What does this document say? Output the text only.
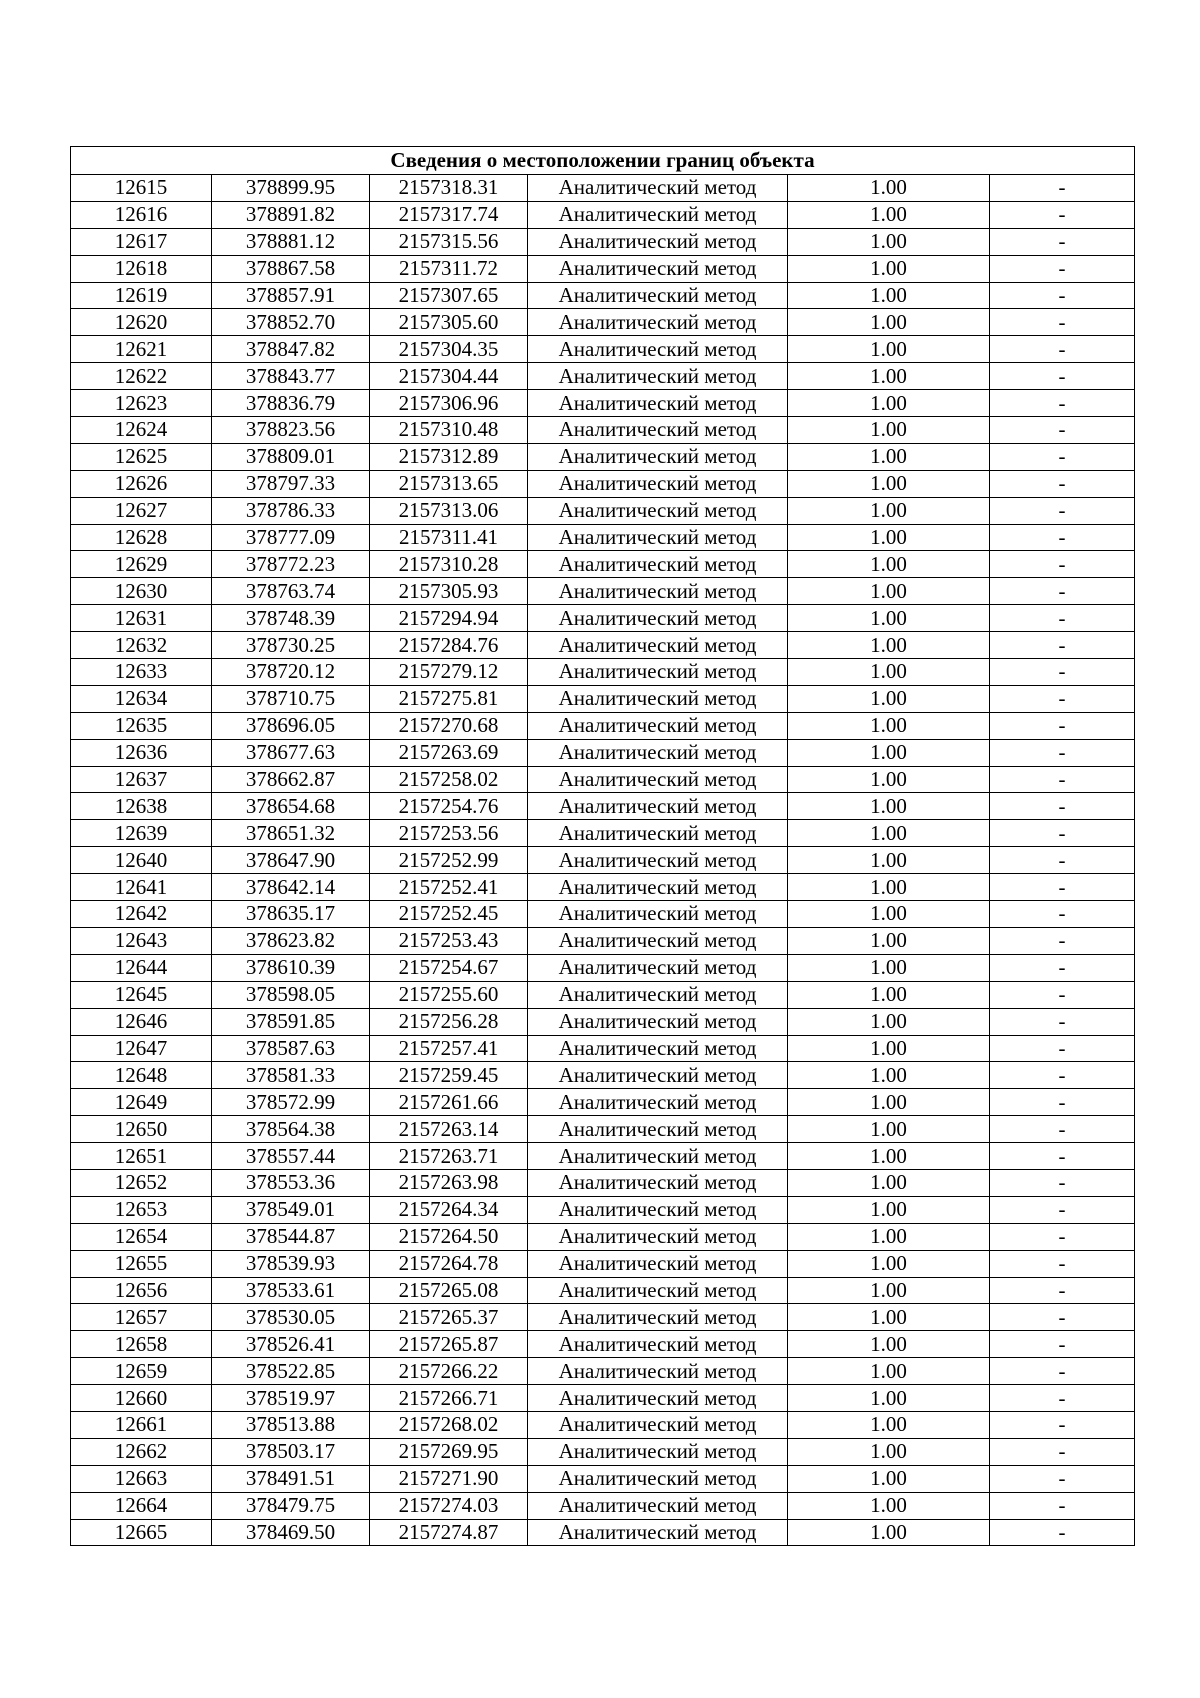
Сведения о местоположении границ объекта					
12615	378899.95	2157318.31	Аналитический метод	1.00	-
12616	378891.82	2157317.74	Аналитический метод	1.00	-
12617	378881.12	2157315.56	Аналитический метод	1.00	-
12618	378867.58	2157311.72	Аналитический метод	1.00	-
12619	378857.91	2157307.65	Аналитический метод	1.00	-
12620	378852.70	2157305.60	Аналитический метод	1.00	-
12621	378847.82	2157304.35	Аналитический метод	1.00	-
12622	378843.77	2157304.44	Аналитический метод	1.00	-
12623	378836.79	2157306.96	Аналитический метод	1.00	-
12624	378823.56	2157310.48	Аналитический метод	1.00	-
12625	378809.01	2157312.89	Аналитический метод	1.00	-
12626	378797.33	2157313.65	Аналитический метод	1.00	-
12627	378786.33	2157313.06	Аналитический метод	1.00	-
12628	378777.09	2157311.41	Аналитический метод	1.00	-
12629	378772.23	2157310.28	Аналитический метод	1.00	-
12630	378763.74	2157305.93	Аналитический метод	1.00	-
12631	378748.39	2157294.94	Аналитический метод	1.00	-
12632	378730.25	2157284.76	Аналитический метод	1.00	-
12633	378720.12	2157279.12	Аналитический метод	1.00	-
12634	378710.75	2157275.81	Аналитический метод	1.00	-
12635	378696.05	2157270.68	Аналитический метод	1.00	-
12636	378677.63	2157263.69	Аналитический метод	1.00	-
12637	378662.87	2157258.02	Аналитический метод	1.00	-
12638	378654.68	2157254.76	Аналитический метод	1.00	-
12639	378651.32	2157253.56	Аналитический метод	1.00	-
12640	378647.90	2157252.99	Аналитический метод	1.00	-
12641	378642.14	2157252.41	Аналитический метод	1.00	-
12642	378635.17	2157252.45	Аналитический метод	1.00	-
12643	378623.82	2157253.43	Аналитический метод	1.00	-
12644	378610.39	2157254.67	Аналитический метод	1.00	-
12645	378598.05	2157255.60	Аналитический метод	1.00	-
12646	378591.85	2157256.28	Аналитический метод	1.00	-
12647	378587.63	2157257.41	Аналитический метод	1.00	-
12648	378581.33	2157259.45	Аналитический метод	1.00	-
12649	378572.99	2157261.66	Аналитический метод	1.00	-
12650	378564.38	2157263.14	Аналитический метод	1.00	-
12651	378557.44	2157263.71	Аналитический метод	1.00	-
12652	378553.36	2157263.98	Аналитический метод	1.00	-
12653	378549.01	2157264.34	Аналитический метод	1.00	-
12654	378544.87	2157264.50	Аналитический метод	1.00	-
12655	378539.93	2157264.78	Аналитический метод	1.00	-
12656	378533.61	2157265.08	Аналитический метод	1.00	-
12657	378530.05	2157265.37	Аналитический метод	1.00	-
12658	378526.41	2157265.87	Аналитический метод	1.00	-
12659	378522.85	2157266.22	Аналитический метод	1.00	-
12660	378519.97	2157266.71	Аналитический метод	1.00	-
12661	378513.88	2157268.02	Аналитический метод	1.00	-
12662	378503.17	2157269.95	Аналитический метод	1.00	-
12663	378491.51	2157271.90	Аналитический метод	1.00	-
12664	378479.75	2157274.03	Аналитический метод	1.00	-
12665	378469.50	2157274.87	Аналитический метод	1.00	-
